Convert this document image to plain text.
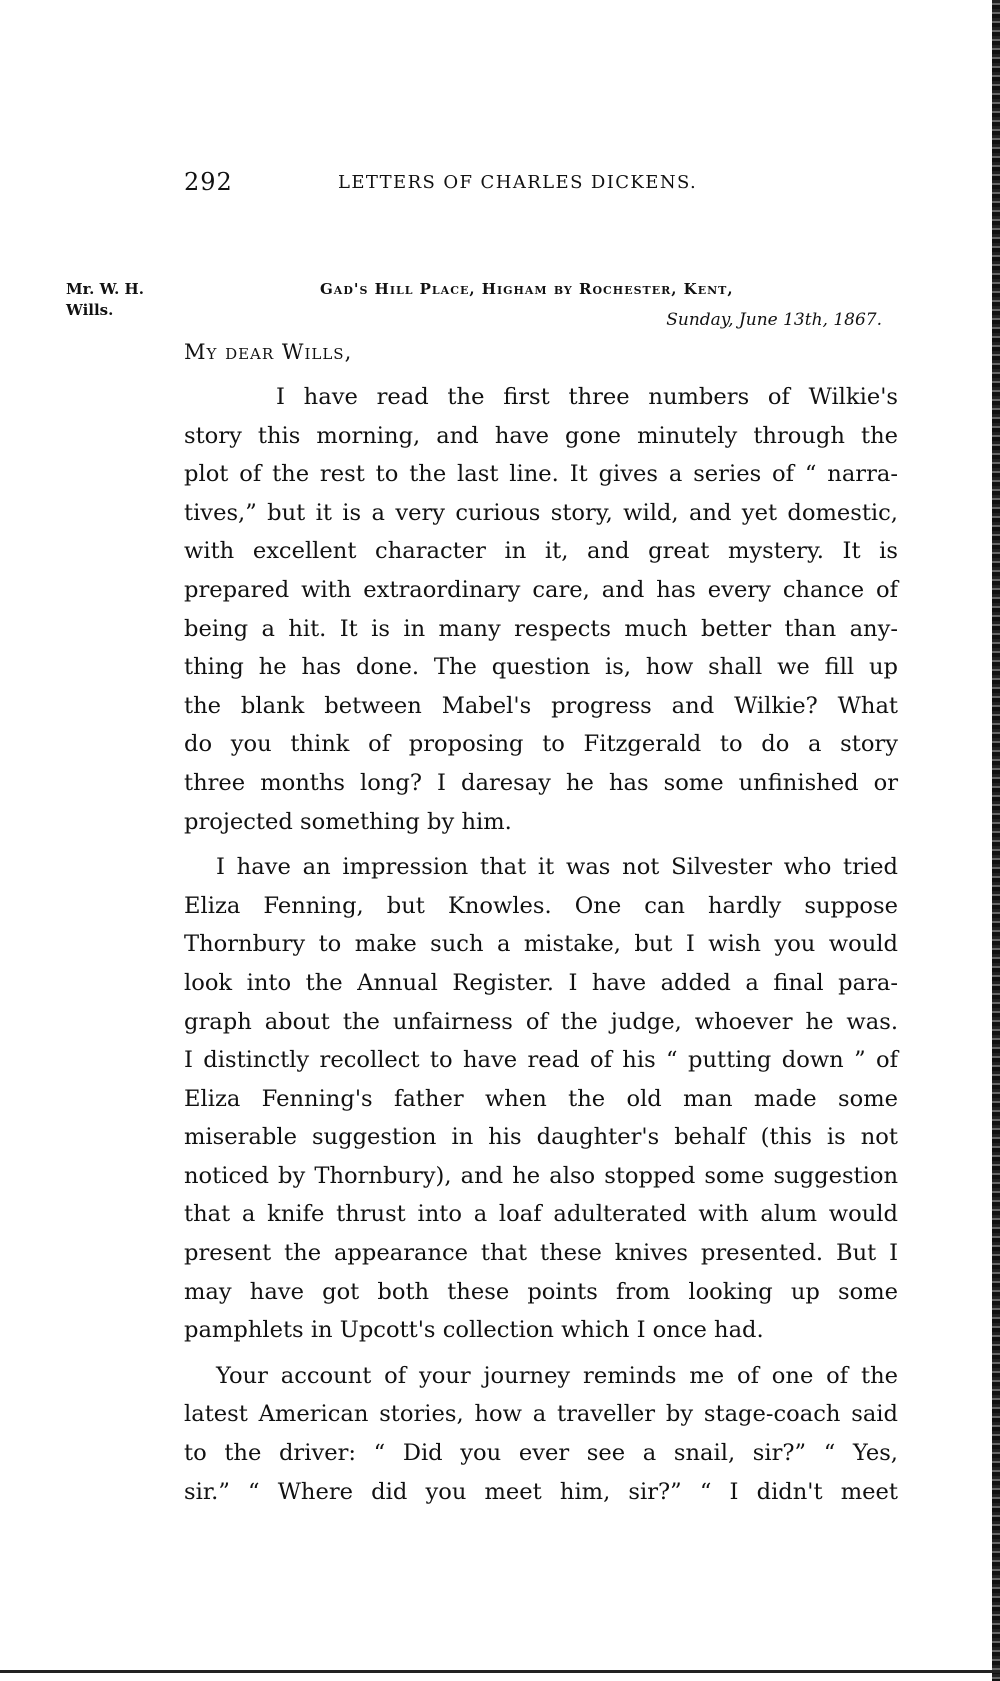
292	LETTERS OF CHARLES DICKENS.
Mr. W. H.
Wills.
Gad's Hill Place, Higham by Rochester, Kent,
Sunday, June 13th, 1867.
My dear Wills,
I have read the first three numbers of Wilkie's
story this morning, and have gone minutely through the
plot of the rest to the last line. It gives a series of “ narra-
tives,” but it is a very curious story, wild, and yet domestic,
with excellent character in it, and great mystery. It is
prepared with extraordinary care, and has every chance of
being a hit. It is in many respects much better than any-
thing he has done. The question is, how shall we fill up
the blank between Mabel's progress and Wilkie? What
do you think of proposing to Fitzgerald to do a story
three months long? I daresay he has some unfinished or
projected something by him.
I have an impression that it was not Silvester who tried
Eliza Fenning, but Knowles. One can hardly suppose
Thornbury to make such a mistake, but I wish you would
look into the Annual Register. I have added a final para-
graph about the unfairness of the judge, whoever he was.
I distinctly recollect to have read of his “ putting down ” of
Eliza Fenning's father when the old man made some
miserable suggestion in his daughter's behalf (this is not
noticed by Thornbury), and he also stopped some suggestion
that a knife thrust into a loaf adulterated with alum would
present the appearance that these knives presented. But I
may have got both these points from looking up some
pamphlets in Upcott's collection which I once had.
Your account of your journey reminds me of one of the
latest American stories, how a traveller by stage-coach said
to the driver: “ Did you ever see a snail, sir?” “ Yes,
sir.” “ Where did you meet him, sir?” “ I didn't meet
